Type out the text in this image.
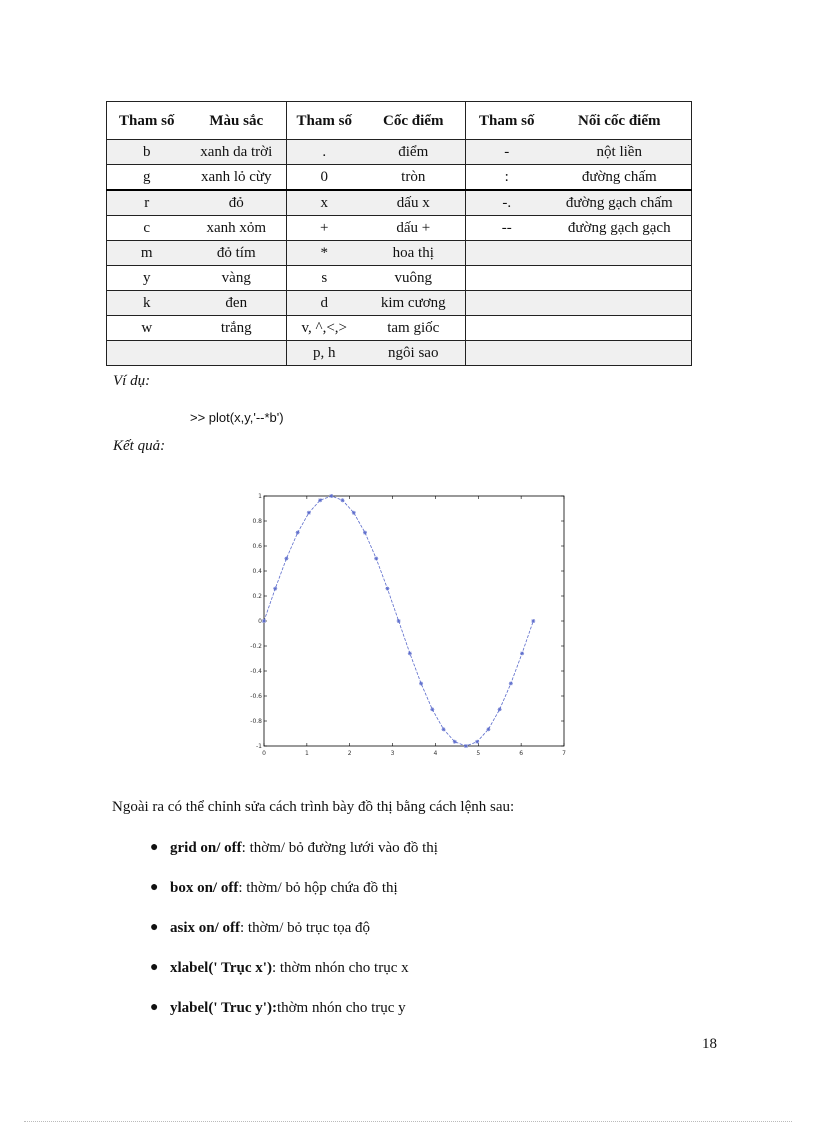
Tham số	Màu sắc	Tham số	Cốc điểm	Tham số	Nối cốc điểm
b	xanh da trời	.	điểm	-	nột liền
g	xanh lỏ cừy	0	tròn	:	đường chấm
r	đỏ	x	dấu x	-.	đường gạch chấm
c	xanh xỏm	+	dấu +	--	đường gạch gạch
m	đỏ tím	*	hoa thị		
y	vàng	s	vuông		
k	đen	d	kim cương		
w	trắng	v, ^,<,>	tam giốc		
		p, h	ngôi sao		
Ví dụ:
>> plot(x,y,'--*b')
Kết quả:
0	1	2	3	4	5	6	7
-1
-0.8
-0.6
-0.4
-0.2
0
0.2
0.4
0.6
0.8
1
Ngoài ra có thể chỉnh sửa cách trình bày đồ thị bằng cách lệnh sau:
● grid on/ off : thờm/ bỏ đường lưới vào đồ thị
● box on/ off : thờm/ bỏ hộp chứa đồ thị
● asix on/ off : thờm/ bỏ trục tọa độ
● xlabel(' Trục x') : thờm nhón cho trục x
● ylabel(' Truc y'): thờm nhón cho trục y
18
